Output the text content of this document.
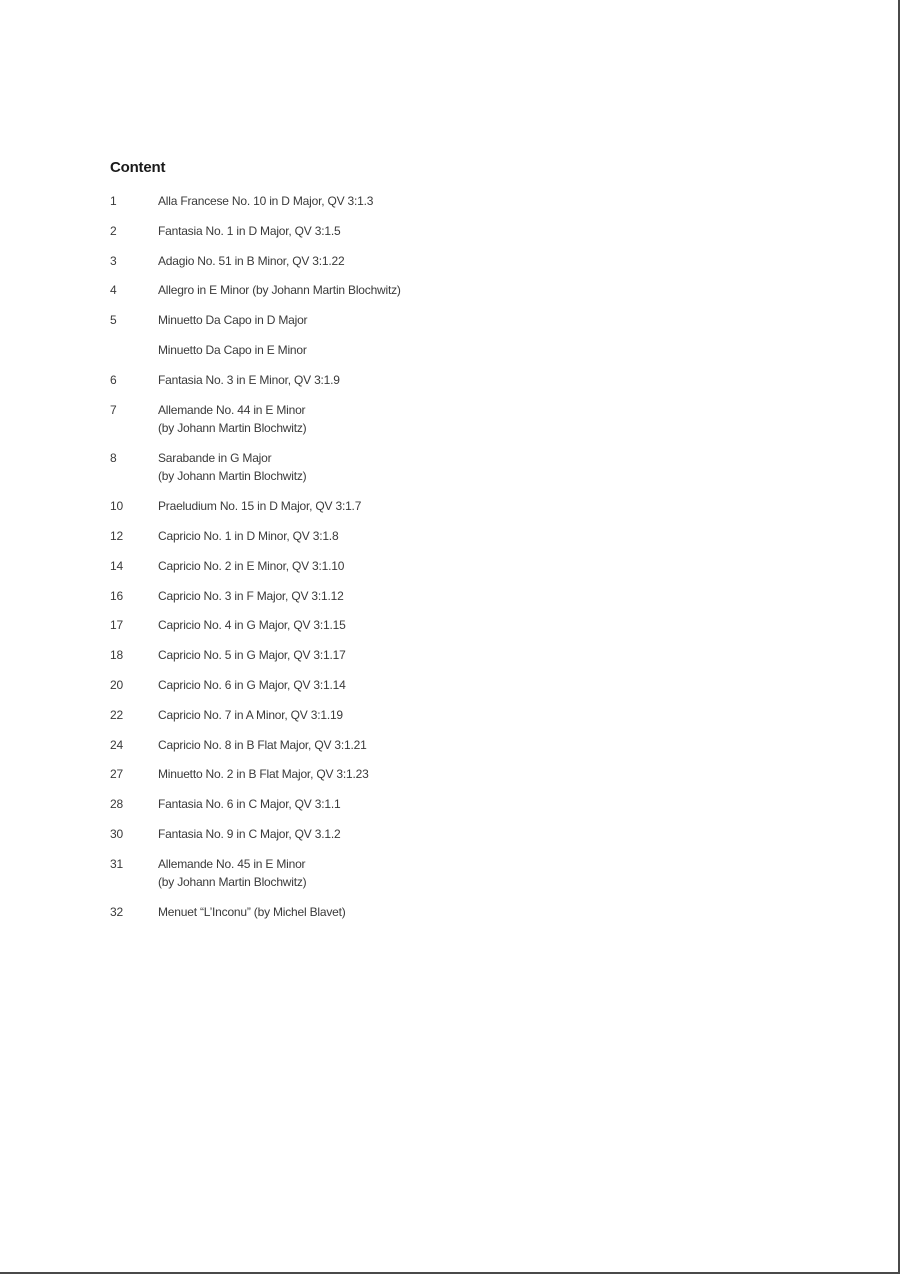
Content
1	Alla Francese No. 10 in D Major, QV 3:1.3
2	Fantasia No. 1 in D Major, QV 3:1.5
3	Adagio No. 51 in B Minor, QV 3:1.22
4	Allegro in E Minor (by Johann Martin Blochwitz)
5	Minuetto Da Capo in D Major
Minuetto Da Capo in E Minor
6	Fantasia No. 3 in E Minor, QV 3:1.9
7	Allemande No. 44 in E Minor
(by Johann Martin Blochwitz)
8	Sarabande in G Major
(by Johann Martin Blochwitz)
10	Praeludium No. 15 in D Major, QV 3:1.7
12	Capricio No. 1 in D Minor, QV 3:1.8
14	Capricio No. 2 in E Minor, QV 3:1.10
16	Capricio No. 3 in F Major, QV 3:1.12
17	Capricio No. 4 in G Major, QV 3:1.15
18	Capricio No. 5 in G Major, QV 3:1.17
20	Capricio No. 6 in G Major, QV 3:1.14
22	Capricio No. 7 in A Minor, QV 3:1.19
24	Capricio No. 8 in B Flat Major, QV 3:1.21
27	Minuetto No. 2 in B Flat Major, QV 3:1.23
28	Fantasia No. 6 in C Major, QV 3:1.1
30	Fantasia No. 9 in C Major, QV 3.1.2
31	Allemande No. 45 in E Minor
(by Johann Martin Blochwitz)
32	Menuet “L’Inconu” (by Michel Blavet)
